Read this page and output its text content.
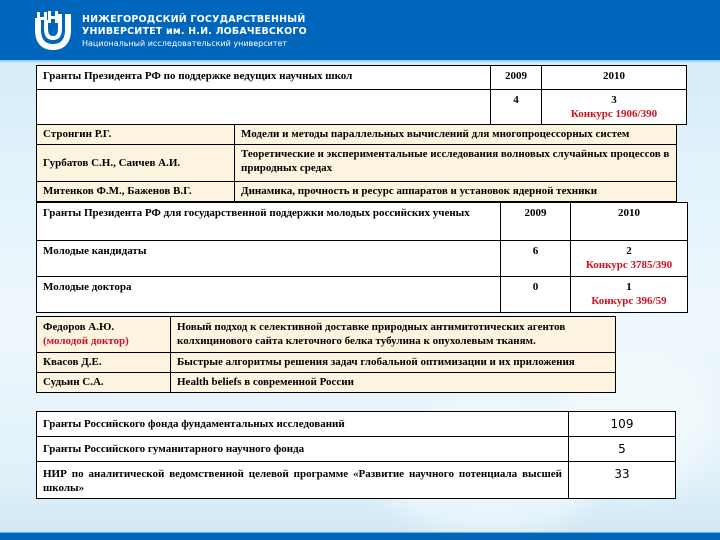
НИЖЕГОРОДСКИЙ ГОСУДАРСТВЕННЫЙ
УНИВЕРСИТЕТ им. Н.И. ЛОБАЧЕВСКОГО
Национальный исследовательский университет
Гранты Президента РФ по поддержке ведущих научных школ	2009	2010
	4	3
Конкурс 1906/390
Стронгин Р.Г.	Модели и методы параллельных вычислений для многопроцессорных систем
Гурбатов С.Н., Саичев А.И.	Теоретические и экспериментальные исследования волновых случайных процессов в природных средах
Митенков Ф.М., Баженов В.Г.	Динамика, прочность и ресурс аппаратов и установок ядерной техники
Гранты Президента РФ для государственной поддержки молодых российских ученых	2009	2010
Молодые кандидаты	6	2
Конкурс 3785/390

Молодые доктора	0	1
Конкурс 396/59
Федоров А.Ю.
(молодой доктор)	Новый подход к селективной доставке природных антимитотических агентов колхицинового сайта клеточного белка тубулина к опухолевым тканям.
Квасов Д.Е.	Быстрые алгоритмы решения задач глобальной оптимизации и их приложения
Судьин С.А.	Health beliefs в современной России
Гранты Российского фонда фундаментальных исследований	109
Гранты Российского гуманитарного научного фонда	5
НИР по аналитической ведомственной целевой программе «Развитие научного потенциала высшей школы»	33
